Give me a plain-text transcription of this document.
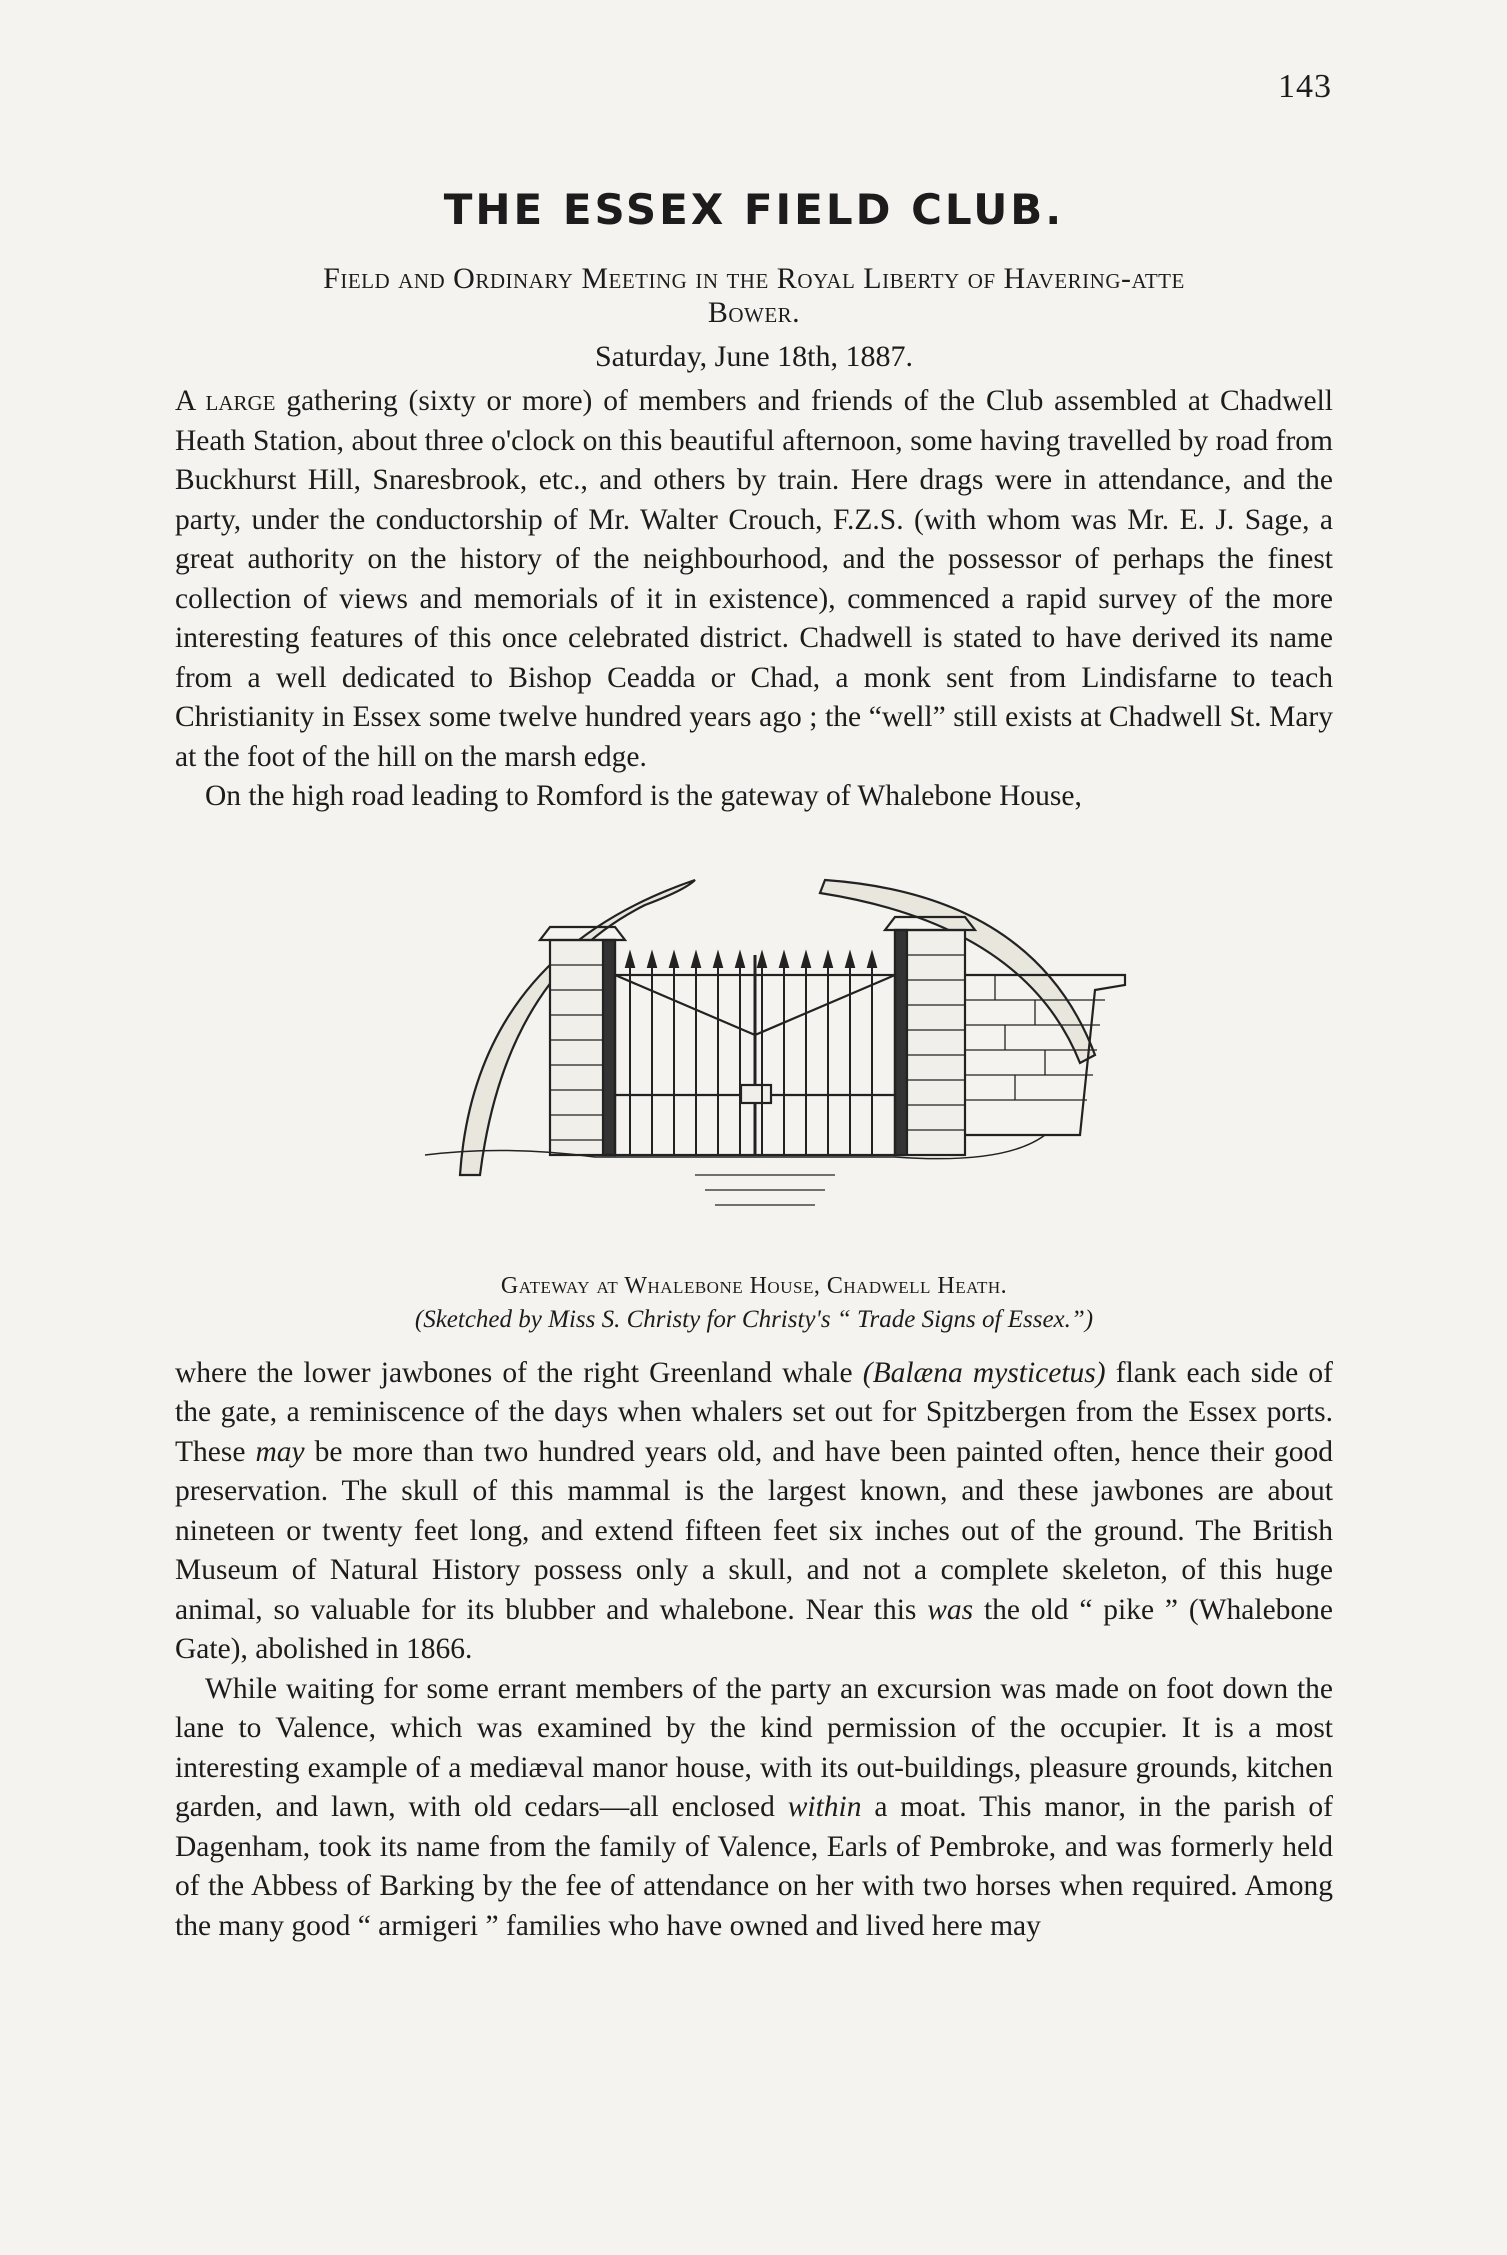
143
THE ESSEX FIELD CLUB.
Field and Ordinary Meeting in the Royal Liberty of Havering-atte
Bower.
Saturday, June 18th, 1887.

A large gathering (sixty or more) of members and friends of the Club assembled at Chadwell Heath Station, about three o'clock on this beautiful afternoon, some having travelled by road from Buckhurst Hill, Snaresbrook, etc., and others by train. Here drags were in attendance, and the party, under the conductorship of Mr. Walter Crouch, F.Z.S. (with whom was Mr. E. J. Sage, a great authority on the history of the neighbourhood, and the possessor of perhaps the finest collection of views and memorials of it in existence), commenced a rapid survey of the more interesting features of this once celebrated district. Chadwell is stated to have derived its name from a well dedicated to Bishop Ceadda or Chad, a monk sent from Lindisfarne to teach Christianity in Essex some twelve hundred years ago ; the “well” still exists at Chadwell St. Mary at the foot of the hill on the marsh edge.

On the high road leading to Romford is the gateway of Whalebone House,

Gateway at Whalebone House, Chadwell Heath.
(Sketched by Miss S. Christy for Christy's “ Trade Signs of Essex.”)

where the lower jawbones of the right Greenland whale (Balæna mysticetus) flank each side of the gate, a reminiscence of the days when whalers set out for Spitzbergen from the Essex ports. These may be more than two hundred years old, and have been painted often, hence their good preservation. The skull of this mammal is the largest known, and these jawbones are about nineteen or twenty feet long, and extend fifteen feet six inches out of the ground. The British Museum of Natural History possess only a skull, and not a complete skeleton, of this huge animal, so valuable for its blubber and whalebone. Near this was the old “ pike ” (Whalebone Gate), abolished in 1866.

While waiting for some errant members of the party an excursion was made on foot down the lane to Valence, which was examined by the kind permission of the occupier. It is a most interesting example of a mediæval manor house, with its out-buildings, pleasure grounds, kitchen garden, and lawn, with old cedars—all enclosed within a moat. This manor, in the parish of Dagenham, took its name from the family of Valence, Earls of Pembroke, and was formerly held of the Abbess of Barking by the fee of attendance on her with two horses when required. Among the many good “ armigeri ” families who have owned and lived here may
